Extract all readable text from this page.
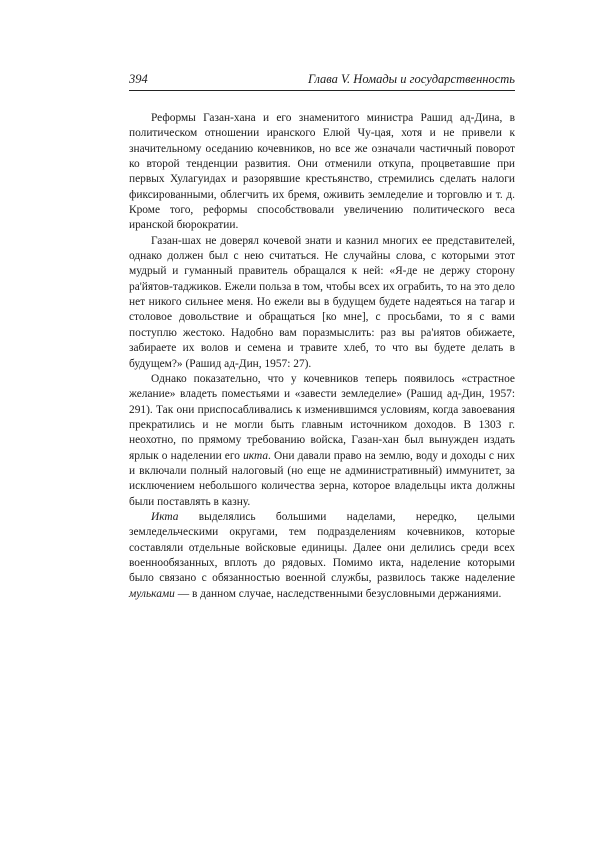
394	Глава V. Номады и государственность

Реформы Газан-хана и его знаменитого министра Рашид ад-Дина, в политическом отношении иранского Елюй Чу-цая, хотя и не привели к значительному оседанию кочевников, но все же означали частичный поворот ко второй тенденции развития. Они отменили откупа, процветавшие при первых Хулагуидах и разорявшие крестьянство, стремились сделать налоги фиксированными, облегчить их бремя, оживить земледелие и торговлю и т. д. Кроме того, реформы способствовали увеличению политического веса иранской бюрократии.

Газан-шах не доверял кочевой знати и казнил многих ее представителей, однако должен был с нею считаться. Не случайны слова, с которыми этот мудрый и гуманный правитель обращался к ней: «Я-де не держу сторону ра'йятов-таджиков. Ежели польза в том, чтобы всех их ограбить, то на это дело нет никого сильнее меня. Но ежели вы в будущем будете надеяться на тагар и столовое довольствие и обращаться [ко мне], с просьбами, то я с вами поступлю жестоко. Надобно вам поразмыслить: раз вы ра'иятов обижаете, забираете их волов и семена и травите хлеб, то что вы будете делать в будущем?» (Рашид ад-Дин, 1957: 27).

Однако показательно, что у кочевников теперь появилось «страстное желание» владеть поместьями и «завести земледелие» (Рашид ад-Дин, 1957: 291). Так они приспосабливались к изменившимся условиям, когда завоевания прекратились и не могли быть главным источником доходов. В 1303 г. неохотно, по прямому требованию войска, Газан-хан был вынужден издать ярлык о наделении его икта. Они давали право на землю, воду и доходы с них и включали полный налоговый (но еще не административный) иммунитет, за исключением небольшого количества зерна, которое владельцы икта должны были поставлять в казну.

Икта выделялись большими наделами, нередко, целыми земледельческими округами, тем подразделениям кочевников, которые составляли отдельные войсковые единицы. Далее они делились среди всех военнообязанных, вплоть до рядовых. Помимо икта, наделение которыми было связано с обязанностью военной службы, развилось также наделение мульками — в данном случае, наследственными безусловными держаниями.
